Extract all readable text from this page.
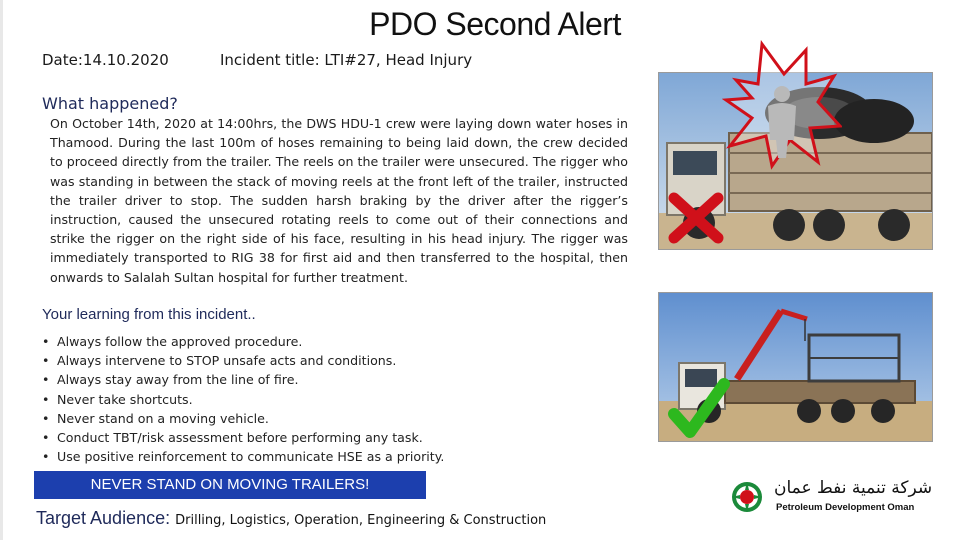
PDO Second Alert
Date:14.10.2020	Incident title: LTI#27, Head Injury
What happened?
On October 14th, 2020 at 14:00hrs, the DWS HDU-1 crew were laying down water hoses in Thamood. During the last 100m of hoses remaining to being laid down, the crew decided to proceed directly from the trailer. The reels on the trailer were unsecured. The rigger who was standing in between the stack of moving reels at the front left of the trailer, instructed the trailer driver to stop. The sudden harsh braking by the driver after the rigger’s instruction, caused the unsecured rotating reels to come out of their connections and strike the rigger on the right side of his face, resulting in his head injury. The rigger was immediately transported to RIG 38 for first aid and then transferred to the hospital, then onwards to Salalah Sultan hospital for further treatment.
Your learning from this incident..
• Always follow the approved procedure.
• Always intervene to STOP unsafe acts and conditions.
• Always stay away from the line of fire.
• Never take shortcuts.
• Never stand on a moving vehicle.
• Conduct TBT/risk assessment before performing any task.
• Use positive reinforcement to communicate HSE as a priority.
NEVER STAND ON MOVING TRAILERS!
Target Audience: Drilling, Logistics, Operation, Engineering & Construction
شركة تنمية نفط عمان
Petroleum Development Oman
